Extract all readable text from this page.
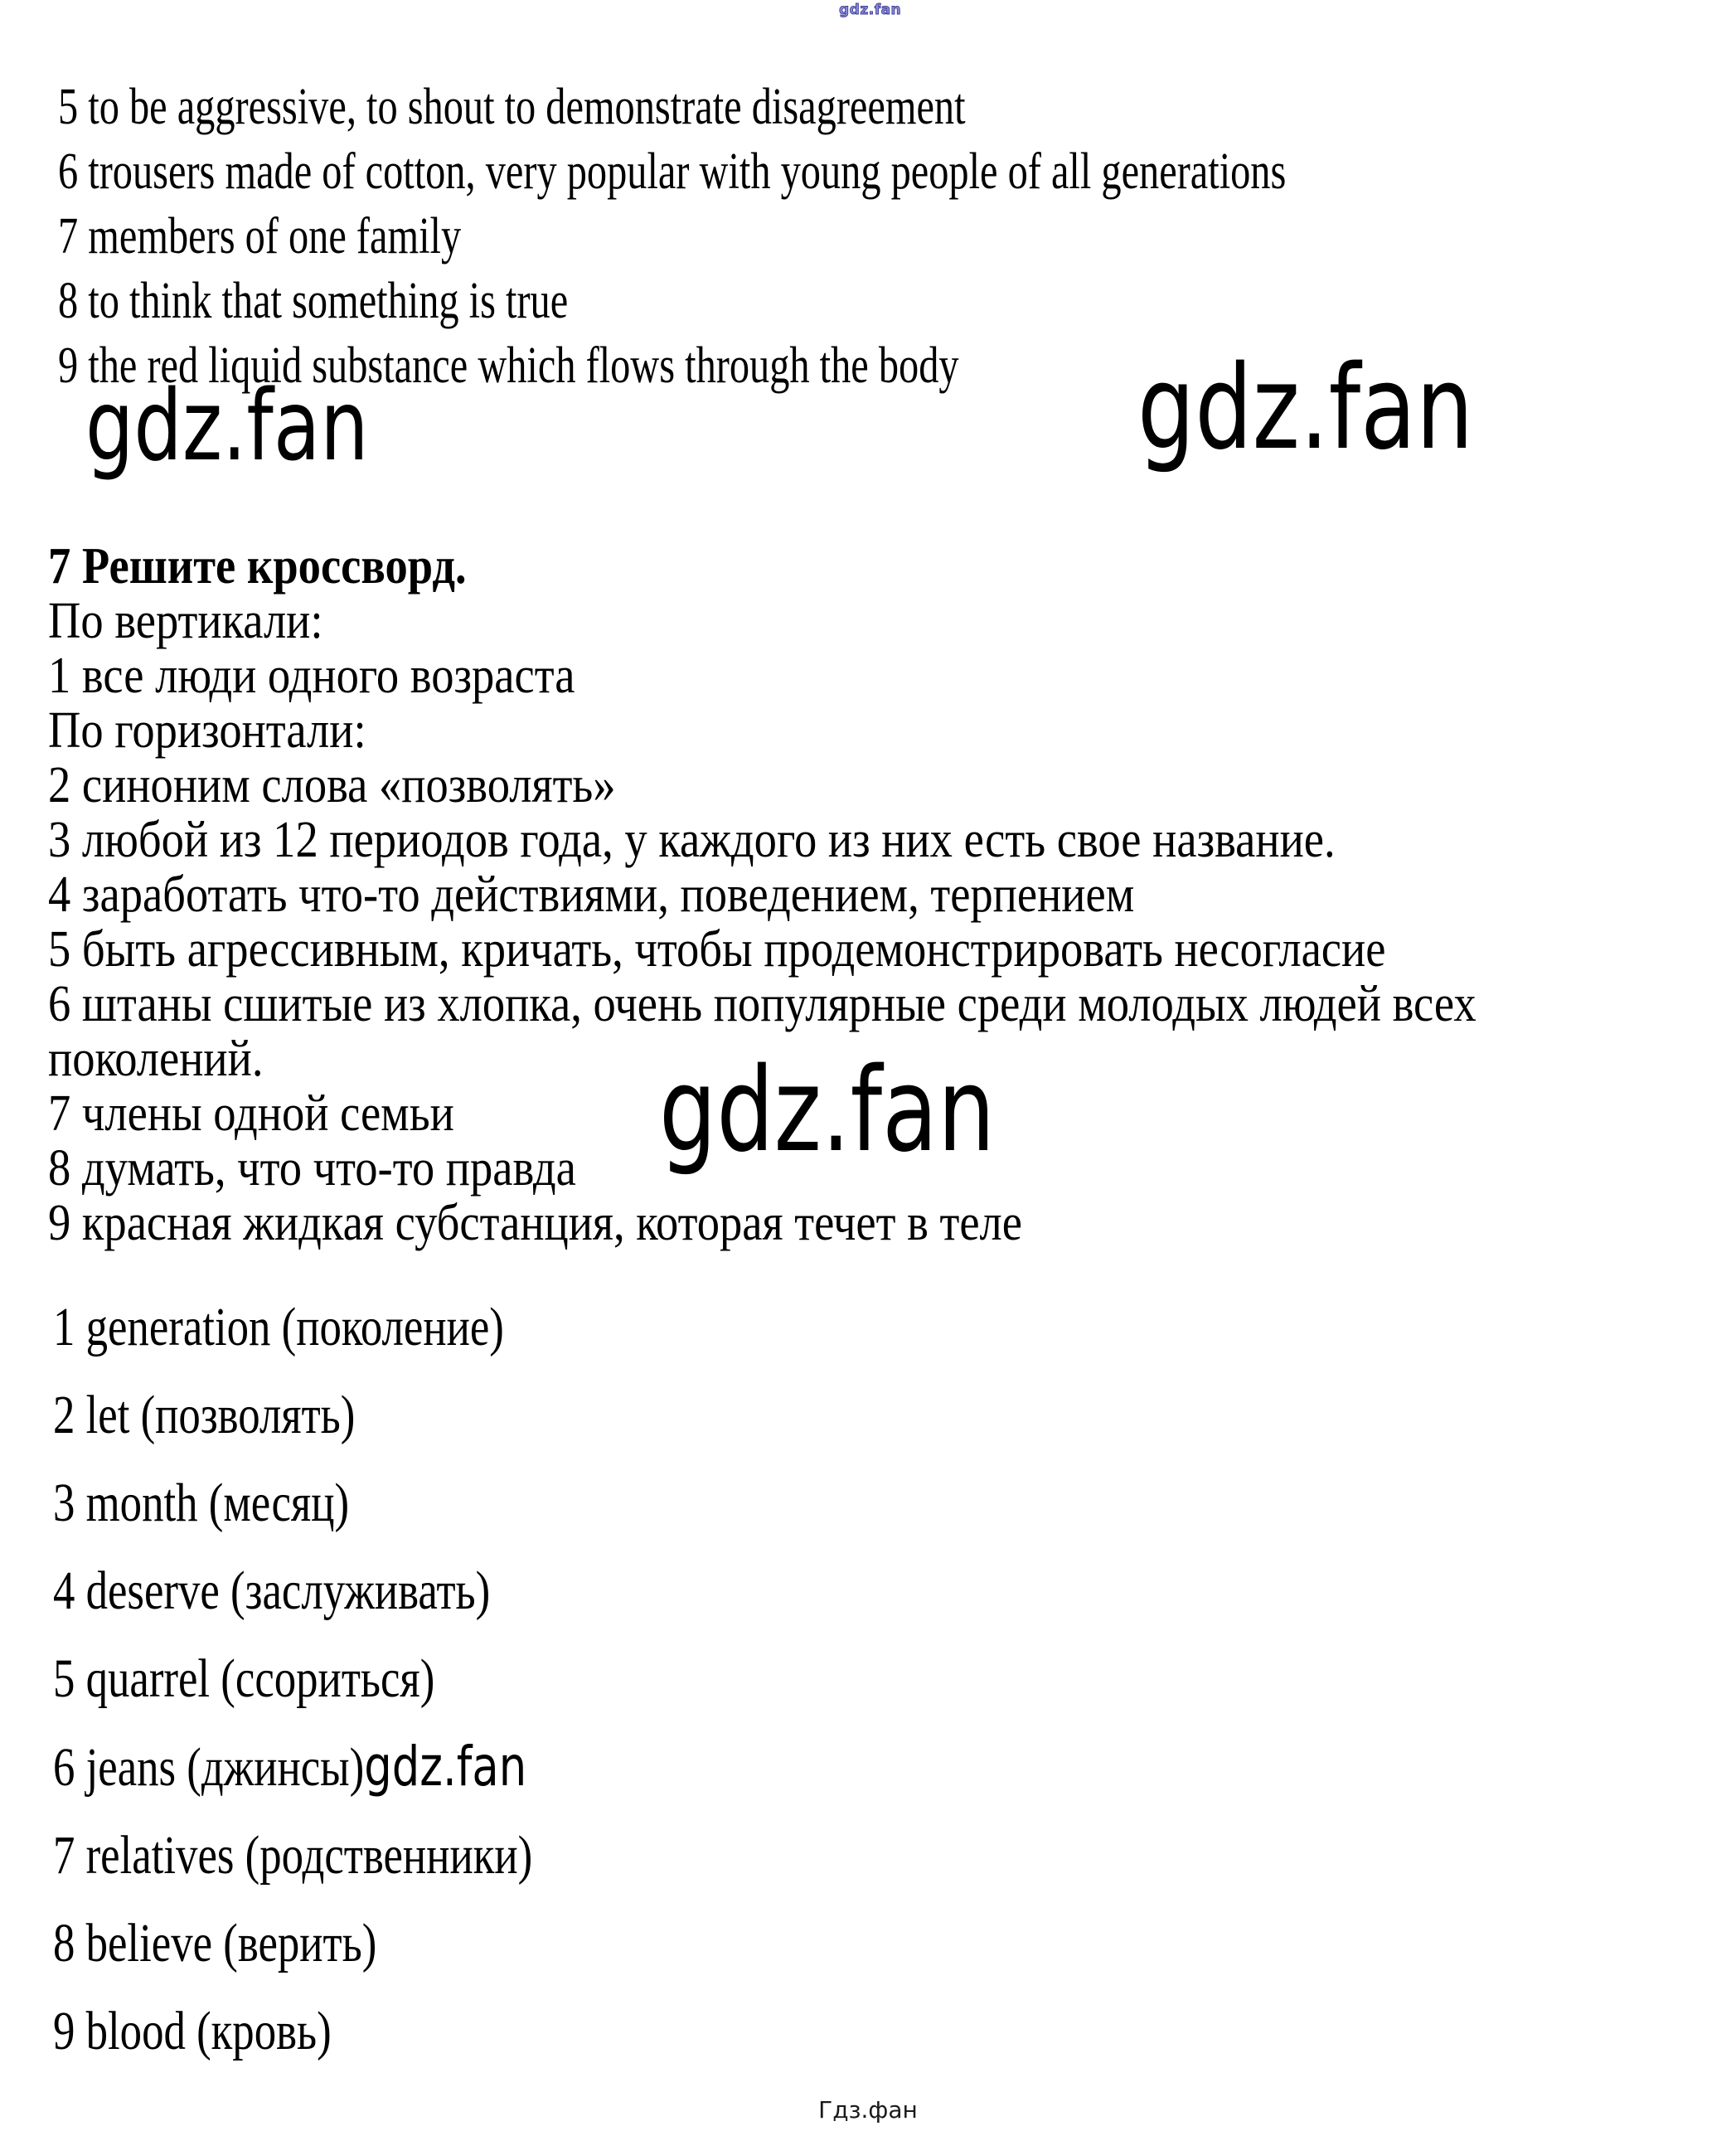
gdz.fan
5 to be aggressive, to shout to demonstrate disagreement
6 trousers made of cotton, very popular with young people of all generations
7 members of one family
8 to think that something is true
9 the red liquid substance which flows through the body
gdz.fan	gdz.fan
7 Решите кроссворд.
По вертикали:
1 все люди одного возраста
По горизонтали:
2 синоним слова «позволять»
3 любой из 12 периодов года, у каждого из них есть свое название.
4 заработать что-то действиями, поведением, терпением
5 быть агрессивным, кричать, чтобы продемонстрировать несогласие
6 штаны сшитые из хлопка, очень популярные среди молодых людей всех
поколений.
7 члены одной семьи
8 думать, что что-то правда
9 красная жидкая субстанция, которая течет в теле
gdz.fan
1 generation (поколение)
2 let (позволять)
3 month (месяц)
4 deserve (заслуживать)
5 quarrel (ссориться)
6 jeans (джинсы)gdz.fan
7 relatives (родственники)
8 believe (верить)
9 blood (кровь)
Гдз.фан
